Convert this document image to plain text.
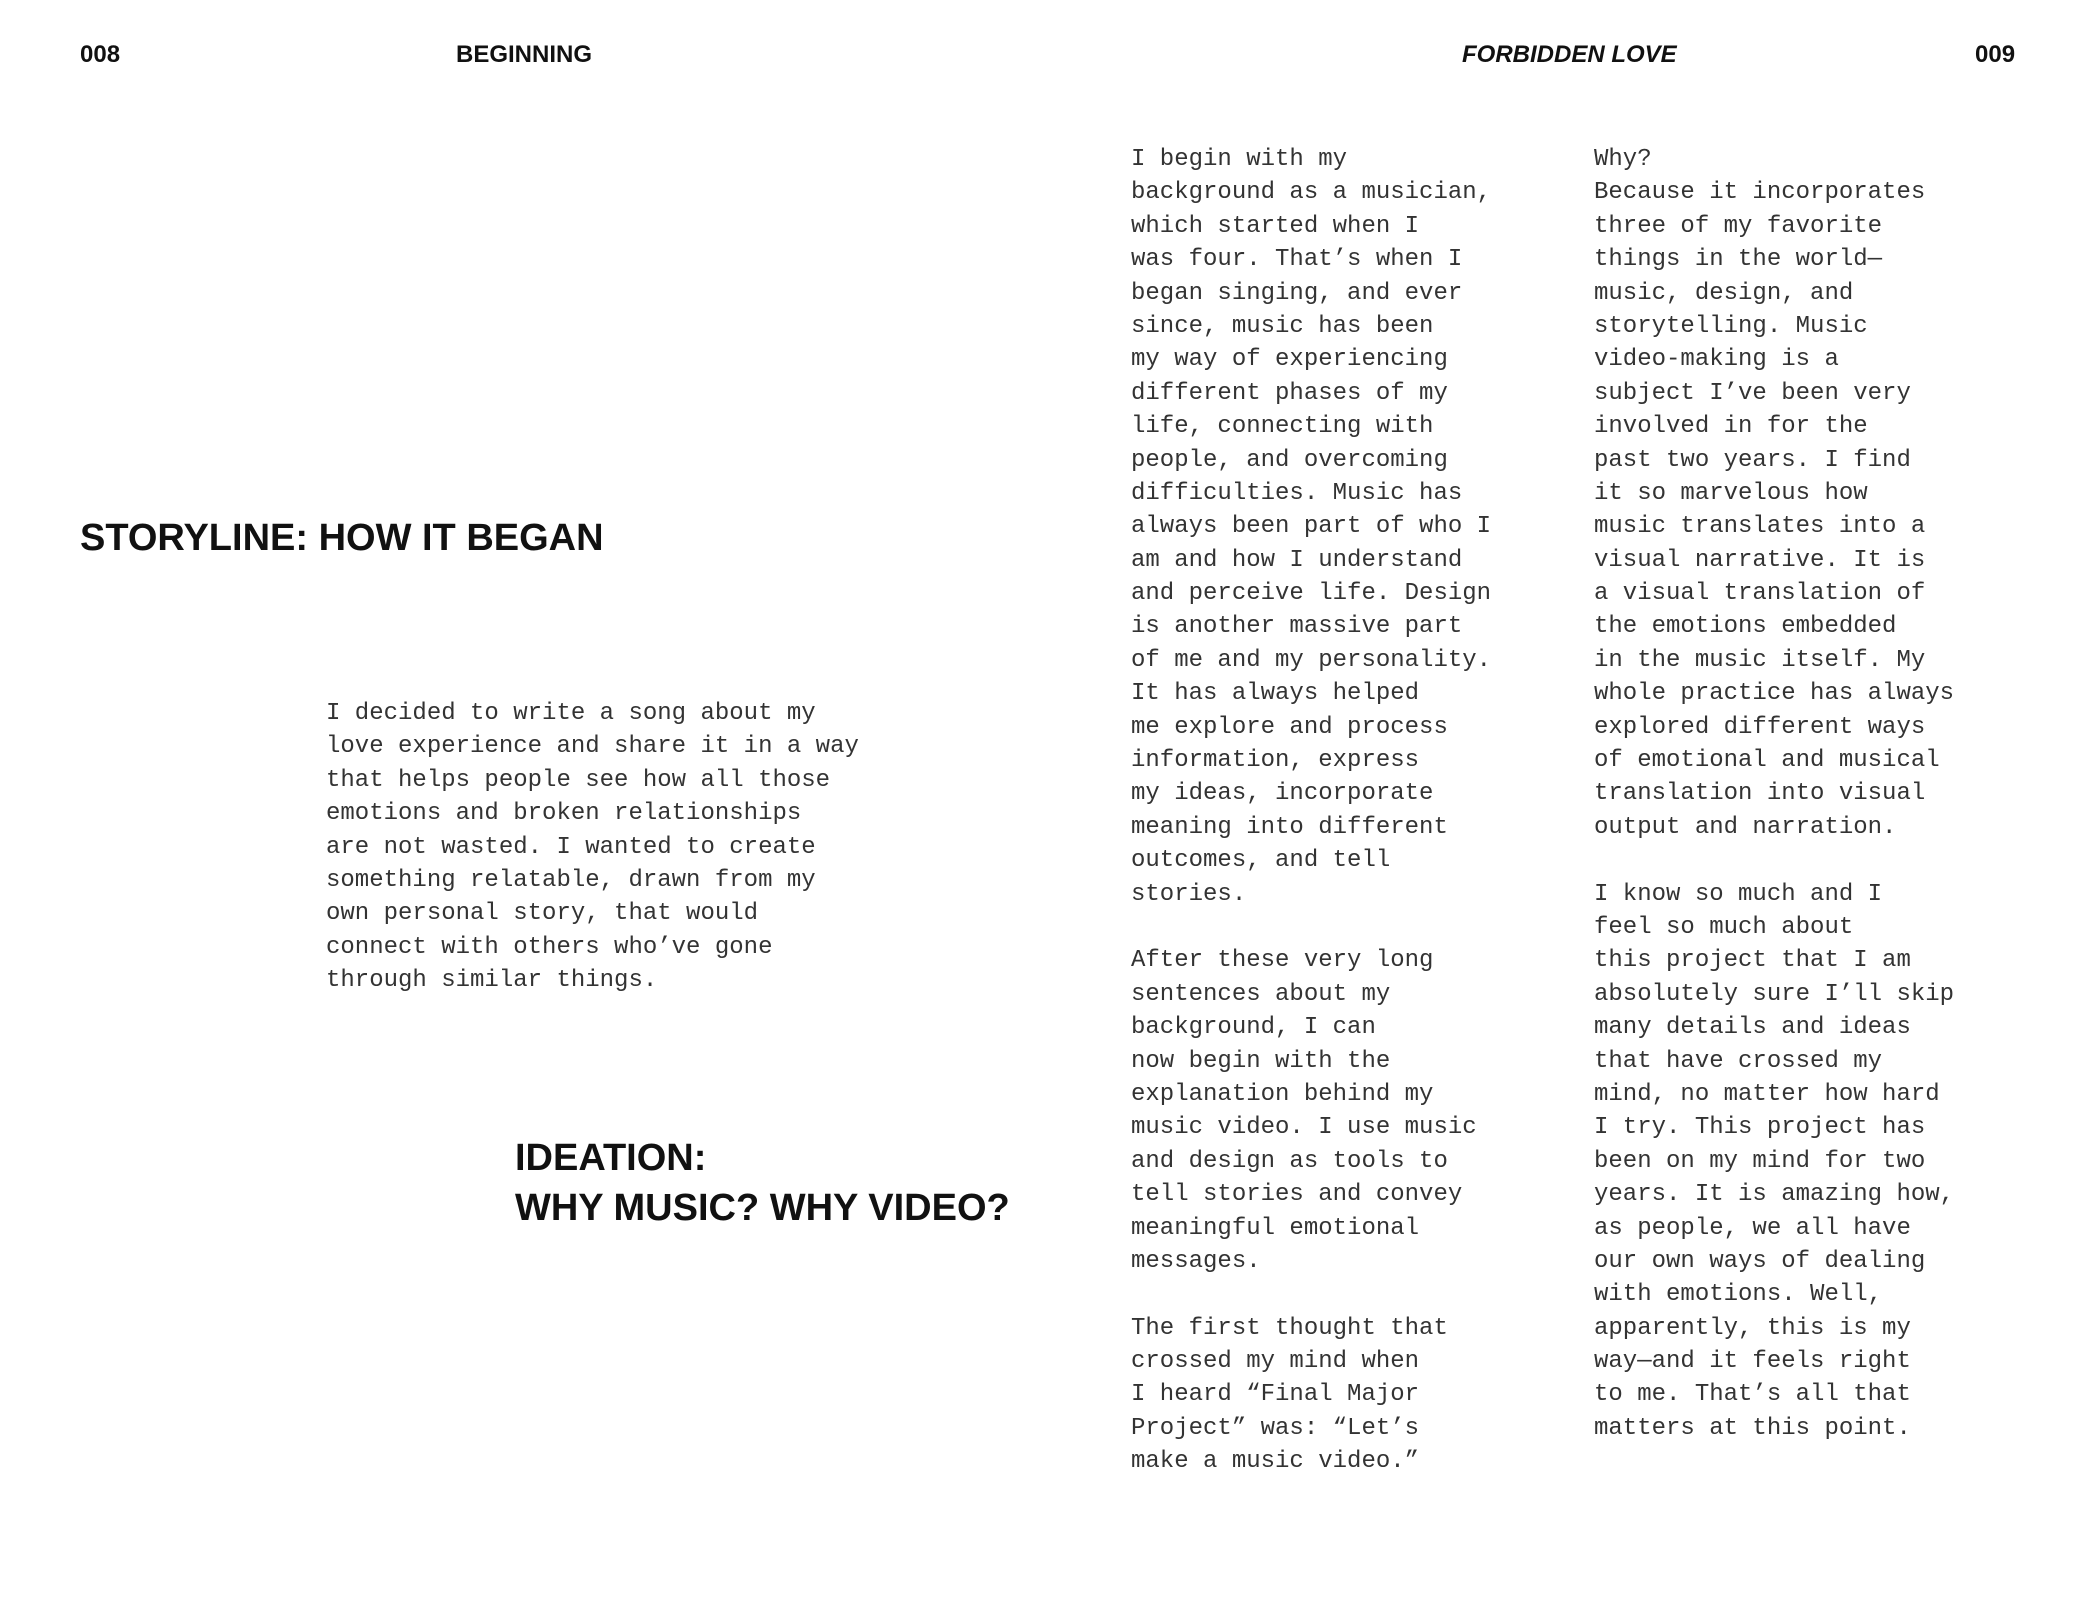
008	BEGINNING
STORYLINE: HOW IT BEGAN
I decided to write a song about my
love experience and share it in a way
that helps people see how all those
emotions and broken relationships
are not wasted. I wanted to create
something relatable, drawn from my
own personal story, that would
connect with others who’ve gone
through similar things.
IDEATION:
WHY MUSIC? WHY VIDEO?
FORBIDDEN LOVE	009
I begin with my
background as a musician,
which started when I
was four. That’s when I
began singing, and ever
since, music has been
my way of experiencing
different phases of my
life, connecting with
people, and overcoming
difficulties. Music has
always been part of who I
am and how I understand
and perceive life. Design
is another massive part
of me and my personality.
It has always helped
me explore and process
information, express
my ideas, incorporate
meaning into different
outcomes, and tell
stories.
After these very long
sentences about my
background, I can
now begin with the
explanation behind my
music video. I use music
and design as tools to
tell stories and convey
meaningful emotional
messages.
The first thought that
crossed my mind when
I heard “Final Major
Project” was: “Let’s
make a music video.”
Why?
Because it incorporates
three of my favorite
things in the world—
music, design, and
storytelling. Music
video-making is a
subject I’ve been very
involved in for the
past two years. I find
it so marvelous how
music translates into a
visual narrative. It is
a visual translation of
the emotions embedded
in the music itself. My
whole practice has always
explored different ways
of emotional and musical
translation into visual
output and narration.
I know so much and I
feel so much about
this project that I am
absolutely sure I’ll skip
many details and ideas
that have crossed my
mind, no matter how hard
I try. This project has
been on my mind for two
years. It is amazing how,
as people, we all have
our own ways of dealing
with emotions. Well,
apparently, this is my
way—and it feels right
to me. That’s all that
matters at this point.
